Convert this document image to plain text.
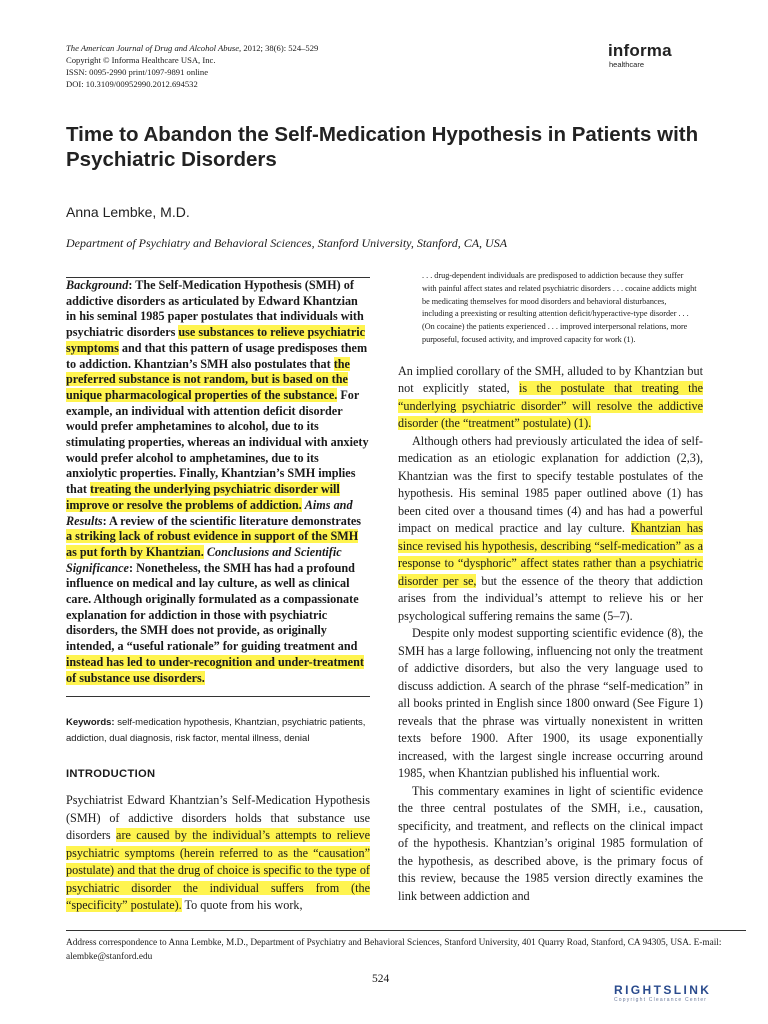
The American Journal of Drug and Alcohol Abuse, 2012; 38(6): 524–529
Copyright © Informa Healthcare USA, Inc.
ISSN: 0095-2990 print/1097-9891 online
DOI: 10.3109/00952990.2012.694532
informa
healthcare
Time to Abandon the Self-Medication Hypothesis in Patients with Psychiatric Disorders
Anna Lembke, M.D.
Department of Psychiatry and Behavioral Sciences, Stanford University, Stanford, CA, USA
Background: The Self-Medication Hypothesis (SMH) of addictive disorders as articulated by Edward Khantzian in his seminal 1985 paper postulates that individuals with psychiatric disorders use substances to relieve psychiatric symptoms and that this pattern of usage predisposes them to addiction. Khantzian’s SMH also postulates that the preferred substance is not random, but is based on the unique pharmacological properties of the substance. For example, an individual with attention deficit disorder would prefer amphetamines to alcohol, due to its stimulating properties, whereas an individual with anxiety would prefer alcohol to amphetamines, due to its anxiolytic properties. Finally, Khantzian’s SMH implies that treating the underlying psychiatric disorder will improve or resolve the problems of addiction. Aims and Results: A review of the scientific literature demonstrates a striking lack of robust evidence in support of the SMH as put forth by Khantzian. Conclusions and Scientific Significance: Nonetheless, the SMH has had a profound influence on medical and lay culture, as well as clinical care. Although originally formulated as a compassionate explanation for addiction in those with psychiatric disorders, the SMH does not provide, as originally intended, a “useful rationale” for guiding treatment and instead has led to under-recognition and under-treatment of substance use disorders.
Keywords: self-medication hypothesis, Khantzian, psychiatric patients, addiction, dual diagnosis, risk factor, mental illness, denial
INTRODUCTION
Psychiatrist Edward Khantzian’s Self-Medication Hypothesis (SMH) of addictive disorders holds that substance use disorders are caused by the individual’s attempts to relieve psychiatric symptoms (herein referred to as the “causation” postulate) and that the drug of choice is specific to the type of psychiatric disorder the individual suffers from (the “specificity” postulate). To quote from his work,
. . . drug-dependent individuals are predisposed to addiction because they suffer with painful affect states and related psychiatric disorders . . . cocaine addicts might be medicating themselves for mood disorders and behavioral disturbances, including a preexisting or resulting attention deficit/hyperactive-type disorder . . . (On cocaine) the patients experienced . . . improved interpersonal relations, more purposeful, focused activity, and improved capacity for work (1).

An implied corollary of the SMH, alluded to by Khantzian but not explicitly stated, is the postulate that treating the “underlying psychiatric disorder” will resolve the addictive disorder (the “treatment” postulate) (1).

Although others had previously articulated the idea of self-medication as an etiologic explanation for addiction (2,3), Khantzian was the first to specify testable postulates of the hypothesis. His seminal 1985 paper outlined above (1) has been cited over a thousand times (4) and has had a powerful impact on medical practice and lay culture. Khantzian has since revised his hypothesis, describing “self-medication” as a response to “dysphoric” affect states rather than a psychiatric disorder per se, but the essence of the theory that addiction arises from the individual’s attempt to relieve his or her psychological suffering remains the same (5–7).

Despite only modest supporting scientific evidence (8), the SMH has a large following, influencing not only the treatment of addictive disorders, but also the very language used to discuss addiction. A search of the phrase “self-medication” in all books printed in English since 1800 onward (See Figure 1) reveals that the phrase was virtually nonexistent in written texts before 1900. After 1900, its usage exponentially increased, with the largest single increase occurring around 1985, when Khantzian published his influential work.

This commentary examines in light of scientific evidence the three central postulates of the SMH, i.e., causation, specificity, and treatment, and reflects on the clinical impact of the hypothesis. Khantzian’s original 1985 formulation of the hypothesis, as described above, is the primary focus of this review, because the 1985 version directly examines the link between addiction and

Address correspondence to Anna Lembke, M.D., Department of Psychiatry and Behavioral Sciences, Stanford University, 401 Quarry Road, Stanford, CA 94305, USA. E-mail: alembke@stanford.edu
524
RIGHTSLINK
Copyright Clearance Center
